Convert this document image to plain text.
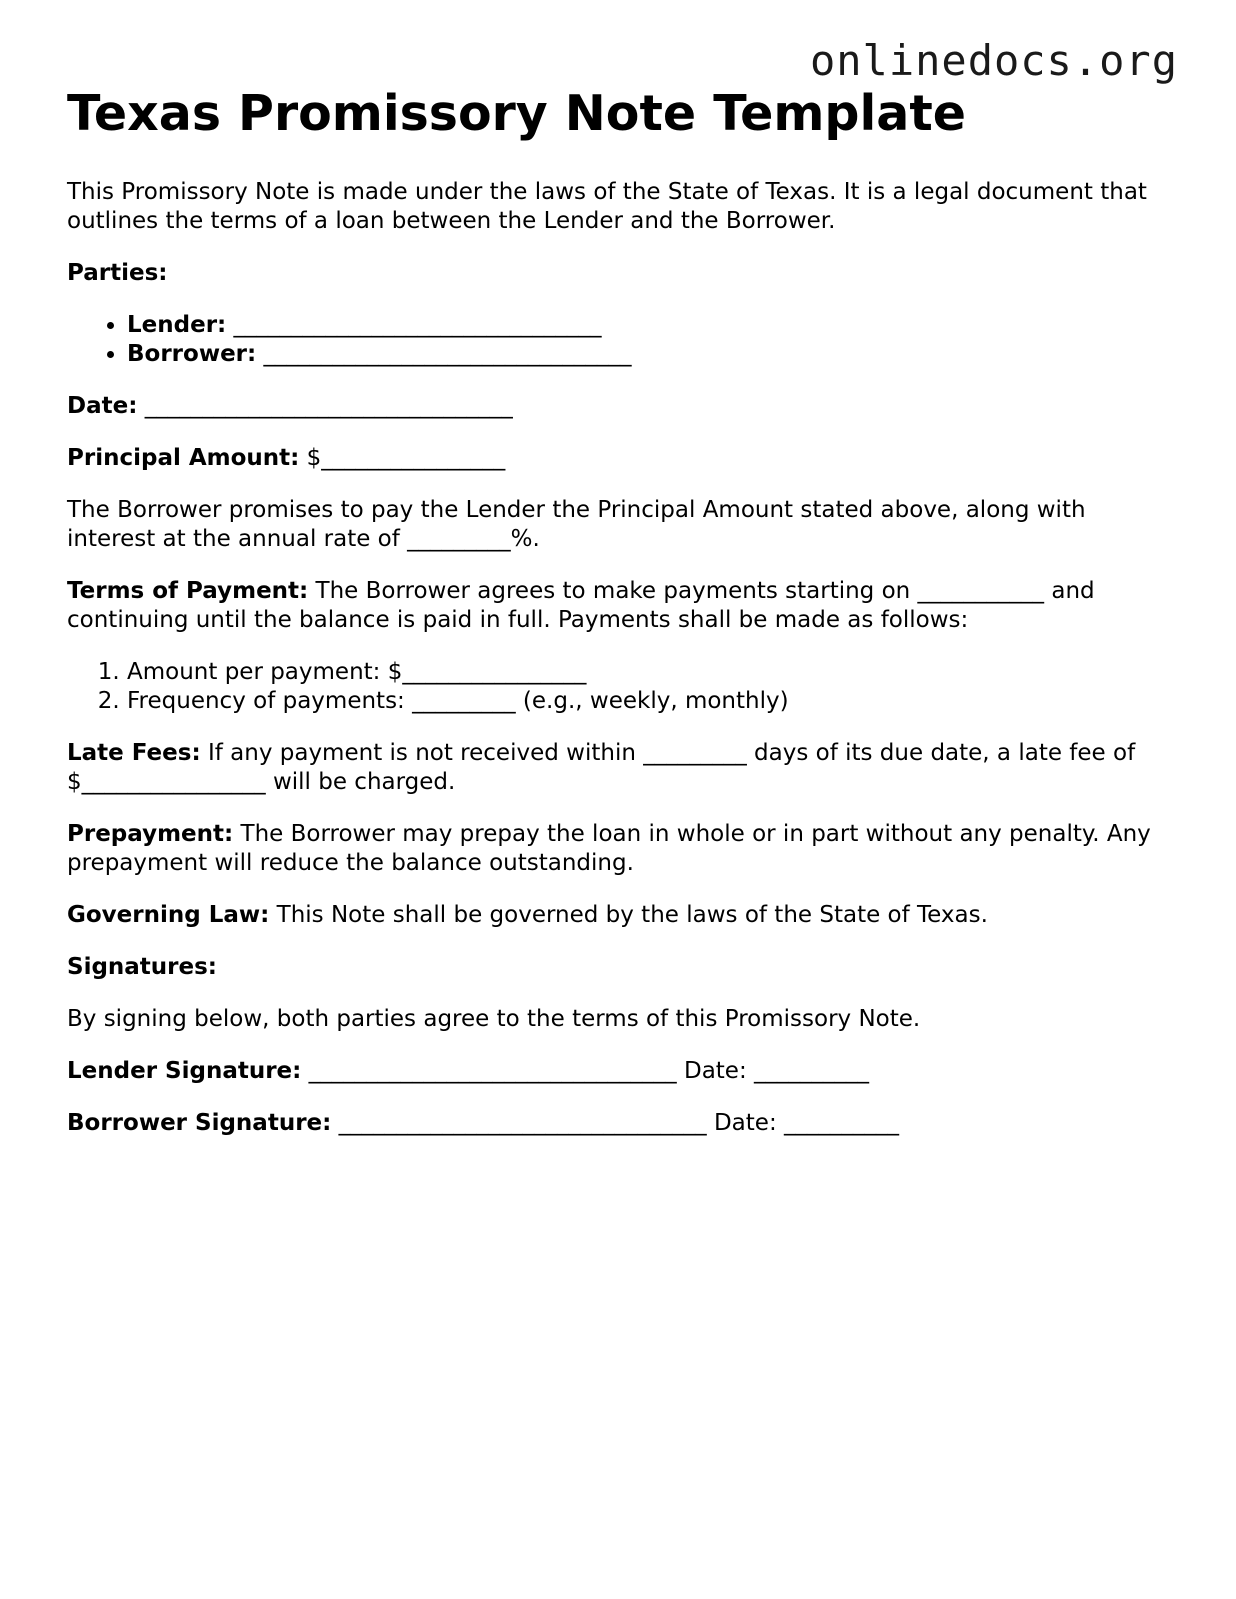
onlinedocs.org
Texas Promissory Note Template

This Promissory Note is made under the laws of the State of Texas. It is a legal document that outlines the terms of a loan between the Lender and the Borrower.

Parties:

• Lender: ________________________________
• Borrower: ________________________________

Date: ________________________________

Principal Amount: $________________

The Borrower promises to pay the Lender the Principal Amount stated above, along with interest at the annual rate of _________%.

Terms of Payment: The Borrower agrees to make payments starting on ___________ and continuing until the balance is paid in full. Payments shall be made as follows:

1. Amount per payment: $________________
2. Frequency of payments: _________ (e.g., weekly, monthly)

Late Fees: If any payment is not received within _________ days of its due date, a late fee of $________________ will be charged.

Prepayment: The Borrower may prepay the loan in whole or in part without any penalty. Any prepayment will reduce the balance outstanding.

Governing Law: This Note shall be governed by the laws of the State of Texas.

Signatures:

By signing below, both parties agree to the terms of this Promissory Note.

Lender Signature: ________________________________ Date: __________

Borrower Signature: ________________________________ Date: __________
